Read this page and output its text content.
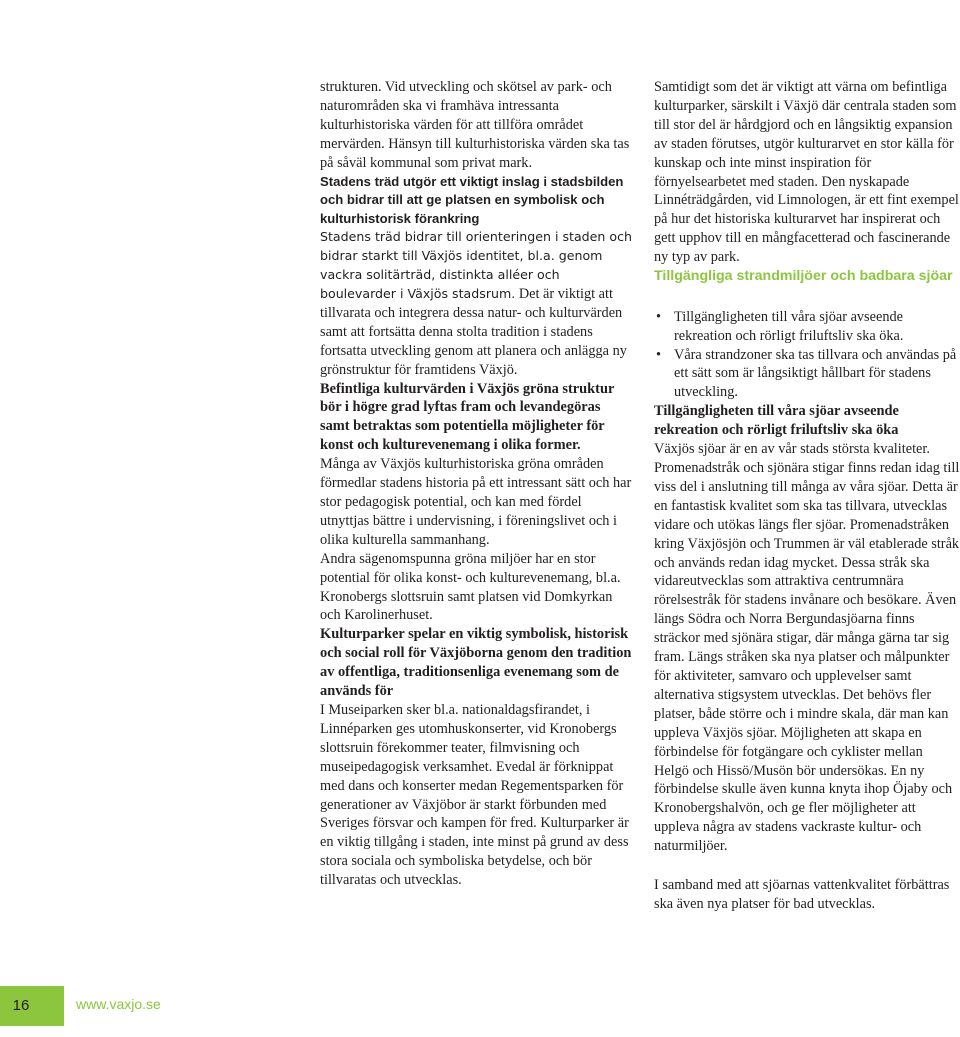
strukturen. Vid utveckling och skötsel av park- och naturområden ska vi framhäva intressanta kulturhistoriska värden för att tillföra området mervärden. Hänsyn till kulturhistoriska värden ska tas på såväl kommunal som privat mark.

Stadens träd utgör ett viktigt inslag i stadsbilden och bidrar till att ge platsen en symbolisk och kulturhistorisk förankring

Stadens träd bidrar till orienteringen i staden och bidrar starkt till Växjös identitet, bl.a. genom vackra solitärträd, distinkta alléer och boulevarder i Växjös stadsrum. Det är viktigt att tillvarata och integrera dessa natur- och kulturvärden samt att fortsätta denna stolta tradition i stadens fortsatta utveckling genom att planera och anlägga ny grönstruktur för framtidens Växjö.

Befintliga kulturvärden i Växjös gröna struktur bör i högre grad lyftas fram och levandegöras samt betraktas som potentiella möjligheter för konst och kulturevenemang i olika former.

Många av Växjös kulturhistoriska gröna områden förmedlar stadens historia på ett intressant sätt och har stor pedagogisk potential, och kan med fördel utnyttjas bättre i undervisning, i föreningslivet och i olika kulturella sammanhang.

Andra sägenomspunna gröna miljöer har en stor potential för olika konst- och kulturevenemang, bl.a. Kronobergs slottsruin samt platsen vid Domkyrkan och Karolinerhuset.

Kulturparker spelar en viktig symbolisk, historisk och social roll för Växjöborna genom den tradition av offentliga, traditionsenliga evenemang som de används för

I Museiparken sker bl.a. nationaldagsfirandet, i Linnéparken ges utomhuskonserter, vid Kronobergs slottsruin förekommer teater, filmvisning och museipedagogisk verksamhet. Evedal är förknippat med dans och konserter medan Regementsparken för generationer av Växjöbor är starkt förbunden med Sveriges försvar och kampen för fred. Kulturparker är en viktig tillgång i staden, inte minst på grund av dess stora sociala och symboliska betydelse, och bör tillvaratas och utvecklas.

Samtidigt som det är viktigt att värna om befintliga kulturparker, särskilt i Växjö där centrala staden som till stor del är hårdgjord och en långsiktig expansion av staden förutses, utgör kulturarvet en stor källa för kunskap och inte minst inspiration för förnyelsearbetet med staden. Den nyskapade Linnéträdgården, vid Limnologen, är ett fint exempel på hur det historiska kulturarvet har inspirerat och gett upphov till en mångfacetterad och fascinerande ny typ av park.

Tillgängliga strandmiljöer och badbara sjöar
• Tillgängligheten till våra sjöar avseende rekreation och rörligt friluftsliv ska öka.
• Våra strandzoner ska tas tillvara och användas på ett sätt som är långsiktigt hållbart för stadens utveckling.
Tillgängligheten till våra sjöar avseende rekreation och rörligt friluftsliv ska öka

Växjös sjöar är en av vår stads största kvaliteter. Promenadstråk och sjönära stigar finns redan idag till viss del i anslutning till många av våra sjöar. Detta är en fantastisk kvalitet som ska tas tillvara, utvecklas vidare och utökas längs fler sjöar. Promenadstråken kring Växjösjön och Trummen är väl etablerade stråk och används redan idag mycket. Dessa stråk ska vidareutvecklas som attraktiva centrumnära rörelsestråk för stadens invånare och besökare. Även längs Södra och Norra Bergundasjöarna finns sträckor med sjönära stigar, där många gärna tar sig fram. Längs stråken ska nya platser och målpunkter för aktiviteter, samvaro och upplevelser samt alternativa stigsystem utvecklas. Det behövs fler platser, både större och i mindre skala, där man kan uppleva Växjös sjöar. Möjligheten att skapa en förbindelse för fotgängare och cyklister mellan Helgö och Hissö/Musön bör undersökas. En ny förbindelse skulle även kunna knyta ihop Öjaby och Kronobergshalvön, och ge fler möjligheter att uppleva några av stadens vackraste kultur- och naturmiljöer.

I samband med att sjöarnas vattenkvalitet förbättras ska även nya platser för bad utvecklas.

16	www.vaxjo.se
